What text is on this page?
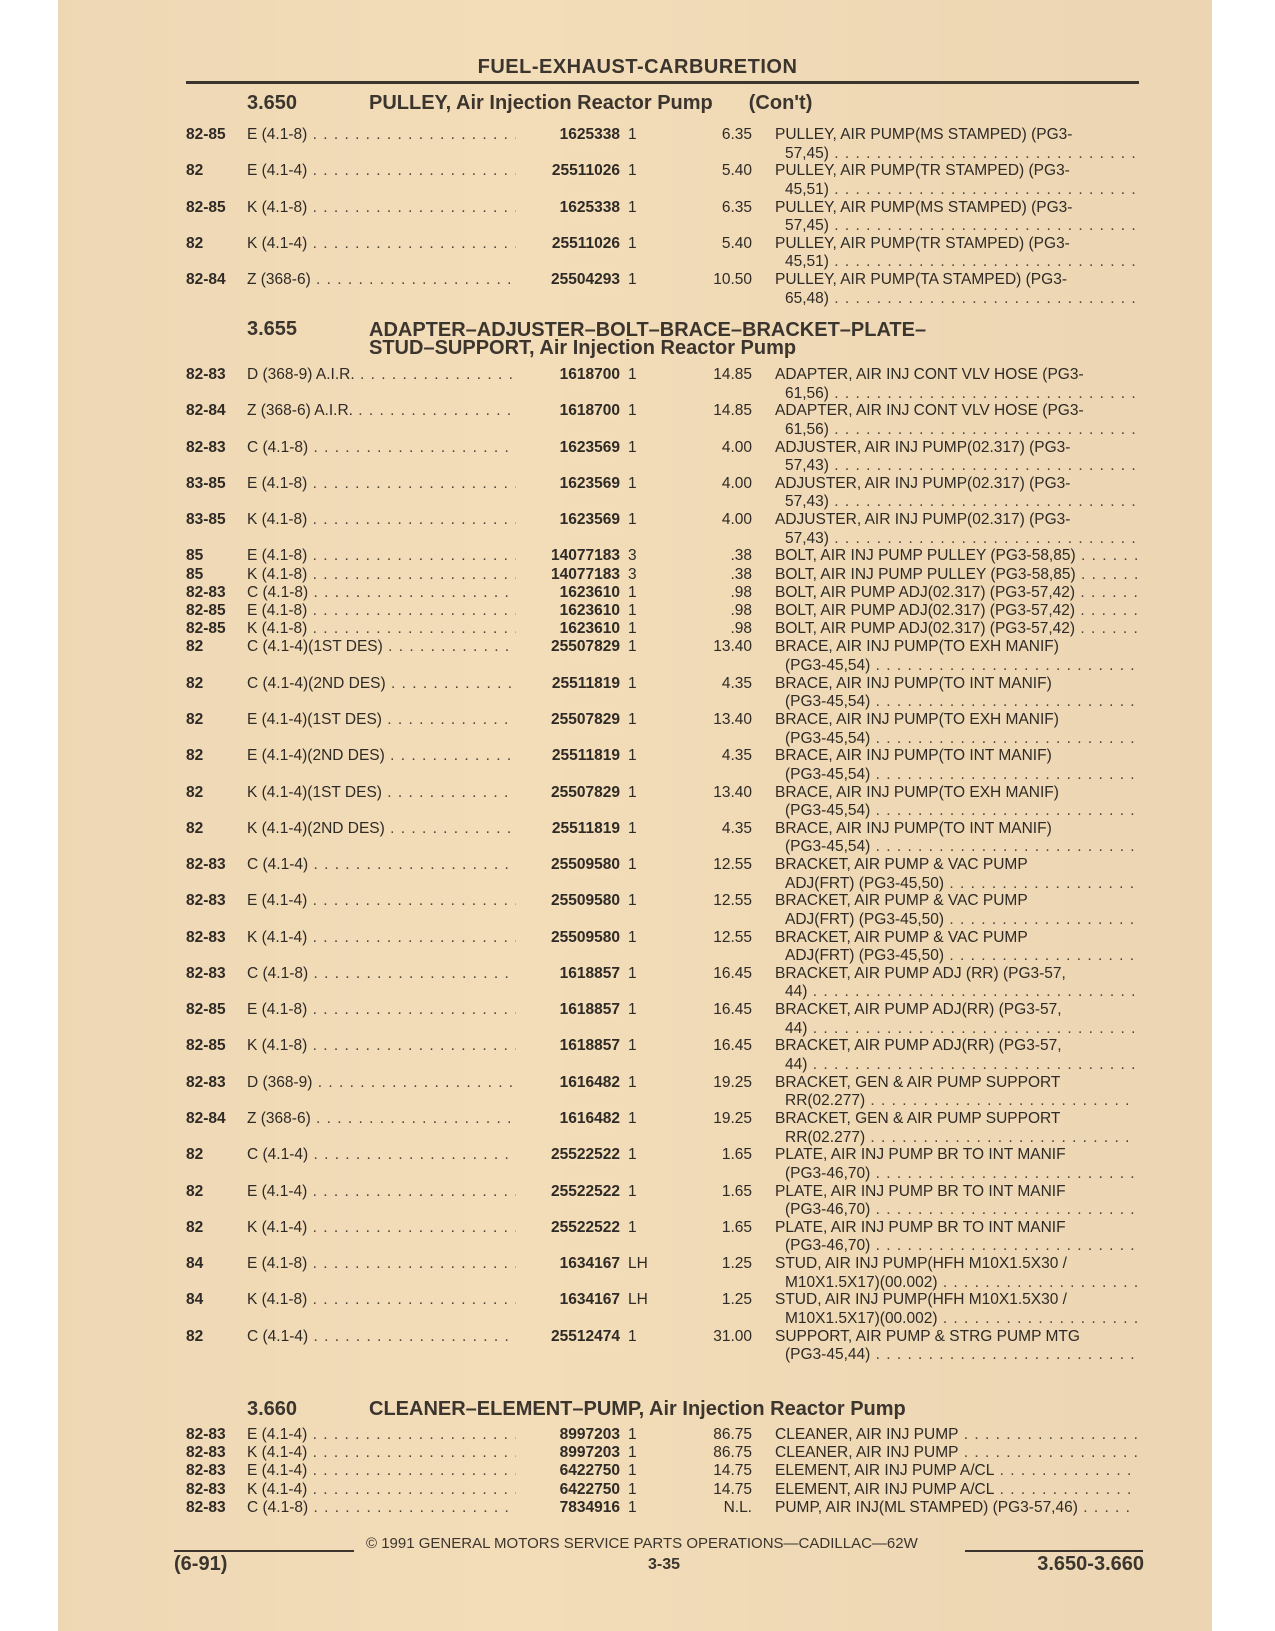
FUEL-EXHAUST-CARBURETION
3.650	PULLEY, Air Injection Reactor Pump (Con't)
82-85 E (4.1-8) . . .	1625338 1	6.35 PULLEY, AIR PUMP(MS STAMPED) (PG3-
57,45) . . .
82	E (4.1-4) . . .	25511026 1	5.40 PULLEY, AIR PUMP(TR STAMPED) (PG3-
45,51) . . .
82-85 K (4.1-8) . . .	1625338 1	6.35 PULLEY, AIR PUMP(MS STAMPED) (PG3-
57,45) . . .
82	K (4.1-4) . . .	25511026 1	5.40 PULLEY, AIR PUMP(TR STAMPED) (PG3-
45,51) . . .
82-84 Z (368-6) . . .	25504293 1	10.50 PULLEY, AIR PUMP(TA STAMPED) (PG3-
65,48) . . .
3.655	ADAPTER–ADJUSTER–BOLT–BRACE–BRACKET–PLATE–
STUD–SUPPORT, Air Injection Reactor Pump
82-83 D (368-9) A.I.R. . . .	1618700 1	14.85 ADAPTER, AIR INJ CONT VLV HOSE (PG3-
61,56) . . .
82-84 Z (368-6) A.I.R. . . .	1618700 1	14.85 ADAPTER, AIR INJ CONT VLV HOSE (PG3-
61,56) . . .
82-83 C (4.1-8) . . .	1623569 1	4.00 ADJUSTER, AIR INJ PUMP(02.317) (PG3-
57,43) . . .
83-85 E (4.1-8) . . .	1623569 1	4.00 ADJUSTER, AIR INJ PUMP(02.317) (PG3-
57,43) . . .
83-85 K (4.1-8) . . .	1623569 1	4.00 ADJUSTER, AIR INJ PUMP(02.317) (PG3-
57,43) . . .
85	E (4.1-8) . . .	14077183 3	.38 BOLT, AIR INJ PUMP PULLEY (PG3-58,85) . . .
85	K (4.1-8) . . .	14077183 3	.38 BOLT, AIR INJ PUMP PULLEY (PG3-58,85) . . .
82-83 C (4.1-8) . . .	1623610 1	.98 BOLT, AIR PUMP ADJ(02.317) (PG3-57,42) . . .
82-85 E (4.1-8) . . .	1623610 1	.98 BOLT, AIR PUMP ADJ(02.317) (PG3-57,42) . . .
82-85 K (4.1-8) . . .	1623610 1	.98 BOLT, AIR PUMP ADJ(02.317) (PG3-57,42) . . .
82	C (4.1-4)(1ST DES) . . .	25507829 1	13.40 BRACE, AIR INJ PUMP(TO EXH MANIF)
(PG3-45,54) . . .
82	C (4.1-4)(2ND DES) . . .	25511819 1	4.35 BRACE, AIR INJ PUMP(TO INT MANIF)
(PG3-45,54) . . .
82	E (4.1-4)(1ST DES) . . .	25507829 1	13.40 BRACE, AIR INJ PUMP(TO EXH MANIF)
(PG3-45,54) . . .
82	E (4.1-4)(2ND DES) . . .	25511819 1	4.35 BRACE, AIR INJ PUMP(TO INT MANIF)
(PG3-45,54) . . .
82	K (4.1-4)(1ST DES) . . .	25507829 1	13.40 BRACE, AIR INJ PUMP(TO EXH MANIF)
(PG3-45,54) . . .
82	K (4.1-4)(2ND DES) . . .	25511819 1	4.35 BRACE, AIR INJ PUMP(TO INT MANIF)
(PG3-45,54) . . .
82-83 C (4.1-4) . . .	25509580 1	12.55 BRACKET, AIR PUMP & VAC PUMP
ADJ(FRT) (PG3-45,50) . . .
82-83 E (4.1-4) . . .	25509580 1	12.55 BRACKET, AIR PUMP & VAC PUMP
ADJ(FRT) (PG3-45,50) . . .
82-83 K (4.1-4) . . .	25509580 1	12.55 BRACKET, AIR PUMP & VAC PUMP
ADJ(FRT) (PG3-45,50) . . .
82-83 C (4.1-8) . . .	1618857 1	16.45 BRACKET, AIR PUMP ADJ (RR) (PG3-57,
44) . . .
82-85 E (4.1-8) . . .	1618857 1	16.45 BRACKET, AIR PUMP ADJ(RR) (PG3-57,
44) . . .
82-85 K (4.1-8) . . .	1618857 1	16.45 BRACKET, AIR PUMP ADJ(RR) (PG3-57,
44) . . .
82-83 D (368-9) . . .	1616482 1	19.25 BRACKET, GEN & AIR PUMP SUPPORT
RR(02.277) . . .
82-84 Z (368-6) . . .	1616482 1	19.25 BRACKET, GEN & AIR PUMP SUPPORT
RR(02.277) . . .
82	C (4.1-4) . . .	25522522 1	1.65 PLATE, AIR INJ PUMP BR TO INT MANIF
(PG3-46,70) . . .
82	E (4.1-4) . . .	25522522 1	1.65 PLATE, AIR INJ PUMP BR TO INT MANIF
(PG3-46,70) . . .
82	K (4.1-4) . . .	25522522 1	1.65 PLATE, AIR INJ PUMP BR TO INT MANIF
(PG3-46,70) . . .
84	E (4.1-8) . . .	1634167 LH	1.25 STUD, AIR INJ PUMP(HFH M10X1.5X30 /
M10X1.5X17)(00.002) . . .
84	K (4.1-8) . . .	1634167 LH	1.25 STUD, AIR INJ PUMP(HFH M10X1.5X30 /
M10X1.5X17)(00.002) . . .
82	C (4.1-4) . . .	25512474 1	31.00 SUPPORT, AIR PUMP & STRG PUMP MTG
(PG3-45,44) . . .
3.660	CLEANER–ELEMENT–PUMP, Air Injection Reactor Pump
82-83 E (4.1-4) . . .	8997203 1	86.75 CLEANER, AIR INJ PUMP . . .
82-83 K (4.1-4) . . .	8997203 1	86.75 CLEANER, AIR INJ PUMP . . .
82-83 E (4.1-4) . . .	6422750 1	14.75 ELEMENT, AIR INJ PUMP A/CL . . .
82-83 K (4.1-4) . . .	6422750 1	14.75 ELEMENT, AIR INJ PUMP A/CL . . .
82-83 C (4.1-8) . . .	7834916 1	N.L. PUMP, AIR INJ(ML STAMPED) (PG3-57,46) . . .
© 1991 GENERAL MOTORS SERVICE PARTS OPERATIONS—CADILLAC—62W
(6-91)	3-35	3.650-3.660
